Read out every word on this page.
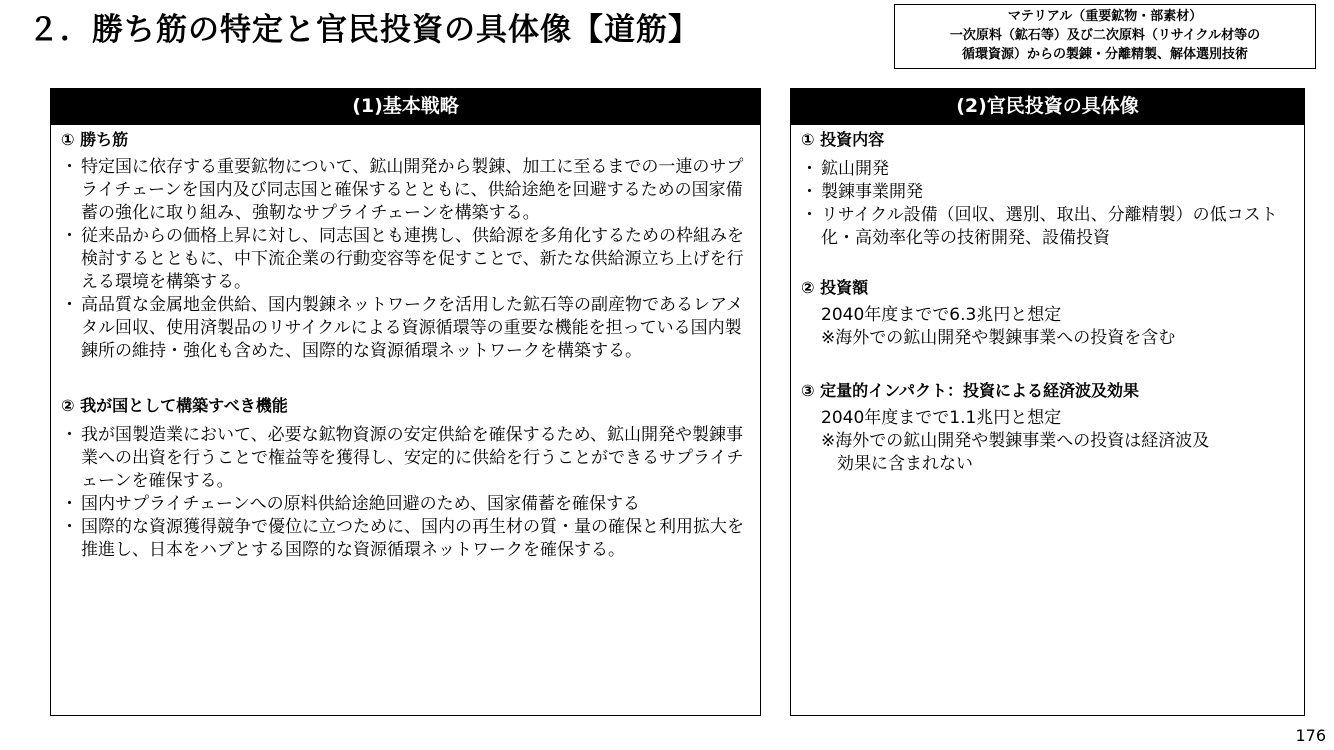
２．勝ち筋の特定と官民投資の具体像【道筋】	マテリアル（重要鉱物・部素材）
一次原料（鉱石等）及び二次原料（リサイクル材等の
循環資源）からの製錬・分離精製、解体選別技術
(1)基本戦略
① 勝ち筋
・ 特定国に依存する重要鉱物について、鉱山開発から製錬、加工に至るまでの一連のサプライチェーンを国内及び同志国と確保するとともに、供給途絶を回避するための国家備蓄の強化に取り組み、強靭なサプライチェーンを構築する。
・ 従来品からの価格上昇に対し、同志国とも連携し、供給源を多角化するための枠組みを検討するとともに、中下流企業の行動変容等を促すことで、新たな供給源立ち上げを行える環境を構築する。
・ 高品質な金属地金供給、国内製錬ネットワークを活用した鉱石等の副産物であるレアメタル回収、使用済製品のリサイクルによる資源循環等の重要な機能を担っている国内製錬所の維持・強化も含めた、国際的な資源循環ネットワークを構築する。
② 我が国として構築すべき機能
・ 我が国製造業において、必要な鉱物資源の安定供給を確保するため、鉱山開発や製錬事業への出資を行うことで権益等を獲得し、安定的に供給を行うことができるサプライチェーンを確保する。
・ 国内サプライチェーンへの原料供給途絶回避のため、国家備蓄を確保する
・ 国際的な資源獲得競争で優位に立つために、国内の再生材の質・量の確保と利用拡大を推進し、日本をハブとする国際的な資源循環ネットワークを確保する。
(2)官民投資の具体像
① 投資内容
・ 鉱山開発
・ 製錬事業開発
・ リサイクル設備（回収、選別、取出、分離精製）の低コスト化・高効率化等の技術開発、設備投資
② 投資額
2040年度までで6.3兆円と想定
※海外での鉱山開発や製錬事業への投資を含む
③ 定量的インパクト：投資による経済波及効果
2040年度までで1.1兆円と想定
※海外での鉱山開発や製錬事業への投資は経済波及
効果に含まれない
176
